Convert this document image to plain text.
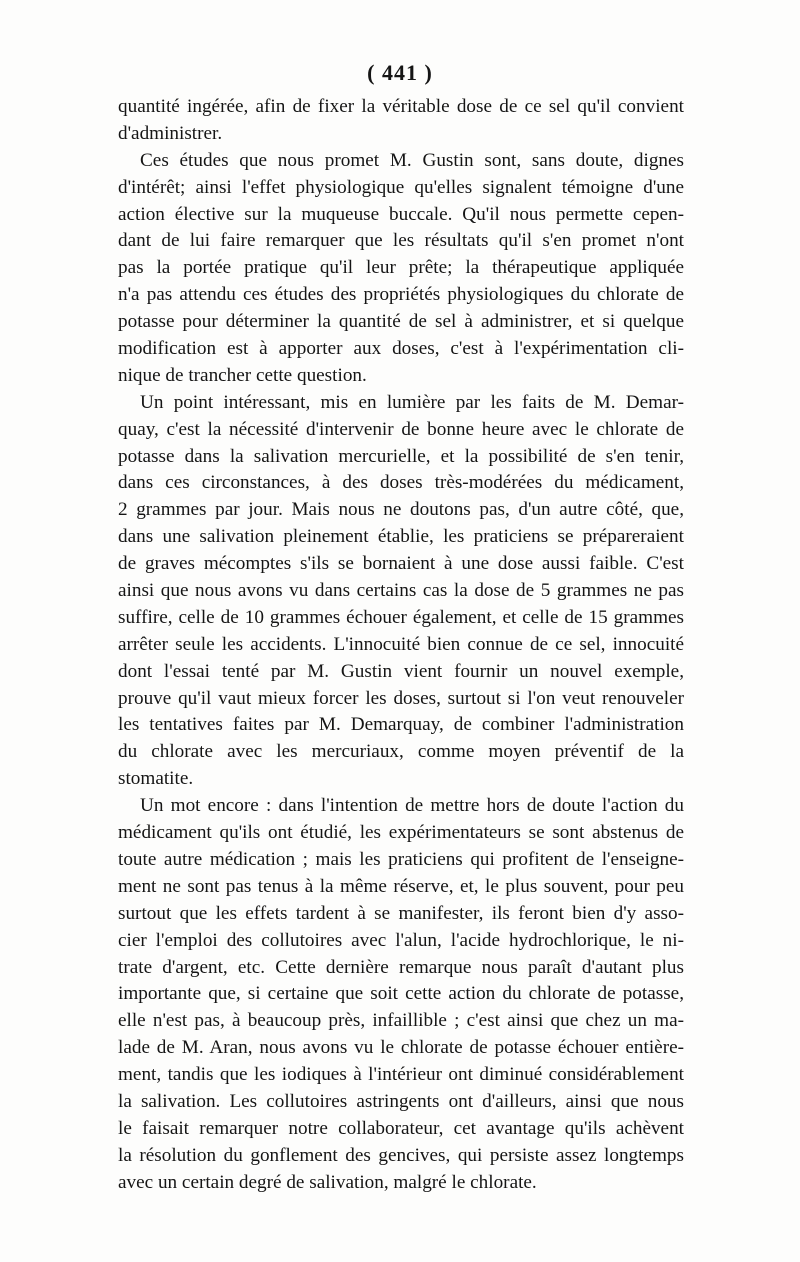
( 441 )
quantité ingérée, afin de fixer la véritable dose de ce sel qu'il convient
d'administrer.
Ces études que nous promet M. Gustin sont, sans doute, dignes
d'intérêt; ainsi l'effet physiologique qu'elles signalent témoigne d'une
action élective sur la muqueuse buccale. Qu'il nous permette cepen-
dant de lui faire remarquer que les résultats qu'il s'en promet n'ont
pas la portée pratique qu'il leur prête; la thérapeutique appliquée
n'a pas attendu ces études des propriétés physiologiques du chlorate de
potasse pour déterminer la quantité de sel à administrer, et si quelque
modification est à apporter aux doses, c'est à l'expérimentation cli-
nique de trancher cette question.
Un point intéressant, mis en lumière par les faits de M. Demar-
quay, c'est la nécessité d'intervenir de bonne heure avec le chlorate de
potasse dans la salivation mercurielle, et la possibilité de s'en tenir,
dans ces circonstances, à des doses très-modérées du médicament,
2 grammes par jour. Mais nous ne doutons pas, d'un autre côté, que,
dans une salivation pleinement établie, les praticiens se prépareraient
de graves mécomptes s'ils se bornaient à une dose aussi faible. C'est
ainsi que nous avons vu dans certains cas la dose de 5 grammes ne pas
suffire, celle de 10 grammes échouer également, et celle de 15 grammes
arrêter seule les accidents. L'innocuité bien connue de ce sel, innocuité
dont l'essai tenté par M. Gustin vient fournir un nouvel exemple,
prouve qu'il vaut mieux forcer les doses, surtout si l'on veut renouveler
les tentatives faites par M. Demarquay, de combiner l'administration
du chlorate avec les mercuriaux, comme moyen préventif de la
stomatite.
Un mot encore : dans l'intention de mettre hors de doute l'action du
médicament qu'ils ont étudié, les expérimentateurs se sont abstenus de
toute autre médication ; mais les praticiens qui profitent de l'enseigne-
ment ne sont pas tenus à la même réserve, et, le plus souvent, pour peu
surtout que les effets tardent à se manifester, ils feront bien d'y asso-
cier l'emploi des collutoires avec l'alun, l'acide hydrochlorique, le ni-
trate d'argent, etc. Cette dernière remarque nous paraît d'autant plus
importante que, si certaine que soit cette action du chlorate de potasse,
elle n'est pas, à beaucoup près, infaillible ; c'est ainsi que chez un ma-
lade de M. Aran, nous avons vu le chlorate de potasse échouer entière-
ment, tandis que les iodiques à l'intérieur ont diminué considérablement
la salivation. Les collutoires astringents ont d'ailleurs, ainsi que nous
le faisait remarquer notre collaborateur, cet avantage qu'ils achèvent
la résolution du gonflement des gencives, qui persiste assez longtemps
avec un certain degré de salivation, malgré le chlorate.
